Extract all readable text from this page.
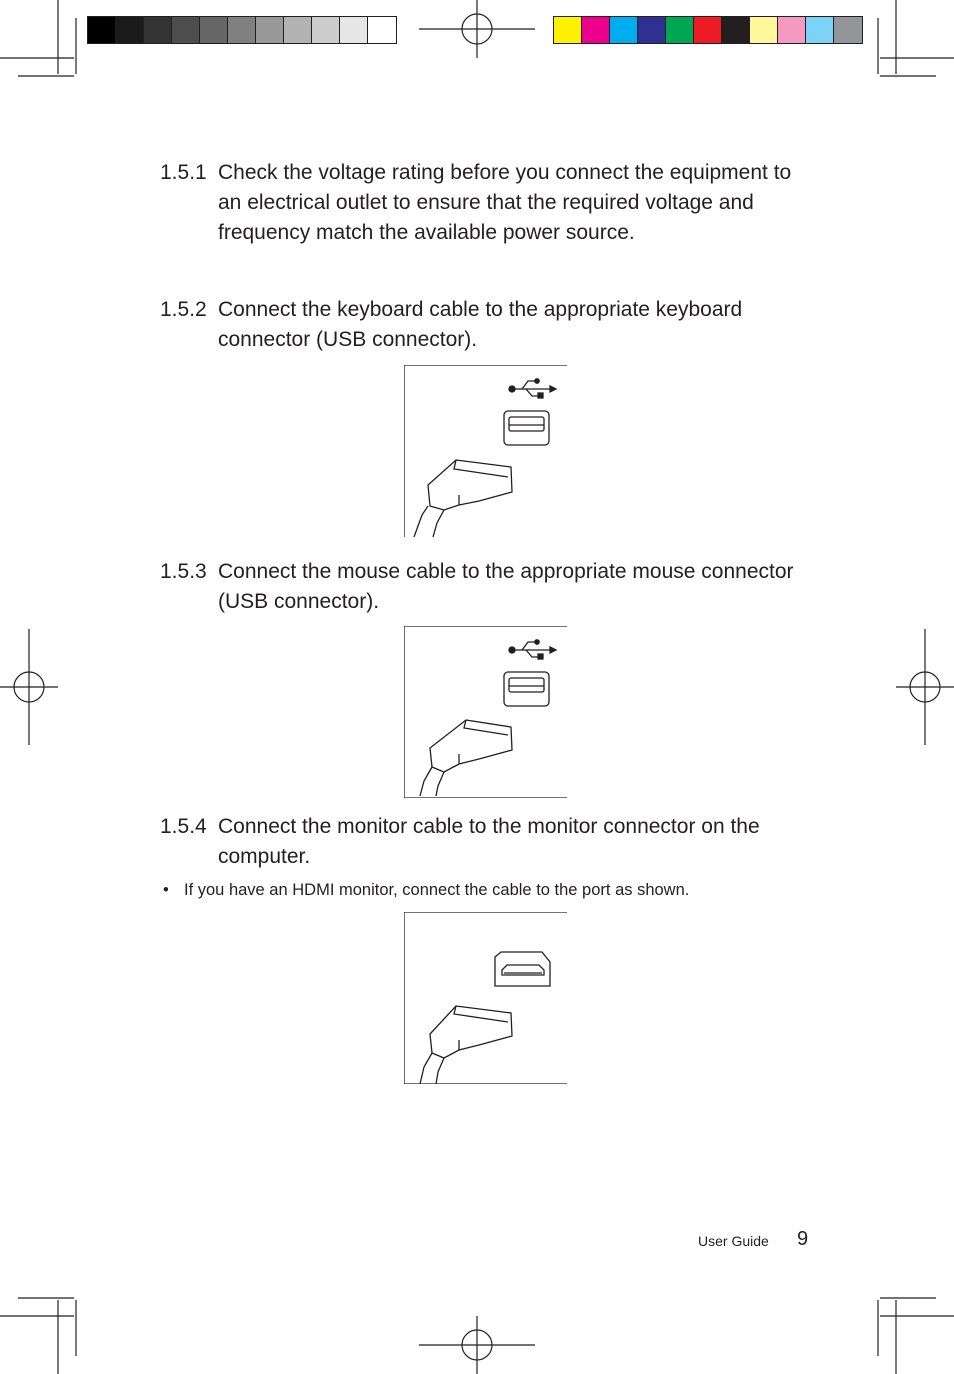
1.5.1 Check the voltage rating before you connect the equipment to an electrical outlet to ensure that the required voltage and frequency match the available power source.
1.5.2 Connect the keyboard cable to the appropriate keyboard connector (USB connector).
1.5.3 Connect the mouse cable to the appropriate mouse connector (USB connector).
1.5.4 Connect the monitor cable to the monitor connector on the computer.
• If you have an HDMI monitor, connect the cable to the port as shown.
User Guide 9
